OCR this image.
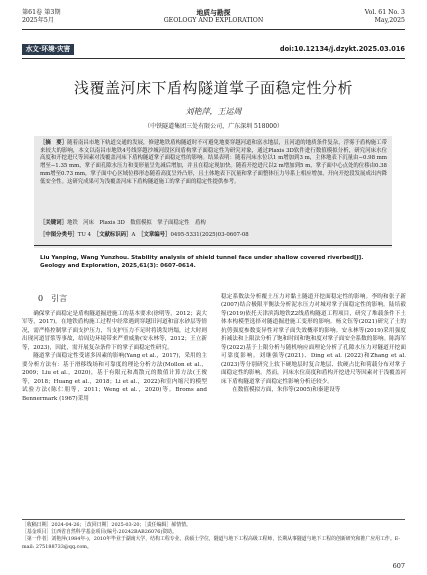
第61卷 第3期
2025年5月
地质与勘探
GEOLOGY AND EXPLORATION
Vol. 61 No. 3
May,2025
水文·环境·灾害	doi:10.12134/j.dzykt.2025.03.016
浅覆盖河床下盾构隧道掌子面稳定性分析
刘艳萍，王运周
（中铁隧道集团三处有限公司，广东深圳 518000）
［摘　要］随着南昌市地下轨道交通的发展，修建地铁盾构隧道时不可避免地要穿越河道和富水地层，且河道的地质条件复杂，浮雾于盾构施工带来较大的影响，本文以南昌市地铁4号线穿越沙城河段区间盾构掌子面稳定性为研究对象，通过Plaxis 3D软件进行数值模拟分析，研究河床水位高度和开挖进尺等因素对浅覆盖河床下盾构隧道掌子面稳定性的影响。结果表明：随着河床水位以1 m增加到3 m，主体地表下沉量由−0.98 mm增至−1.35 mm，掌子面孔隙水压力和变形量呈先减后增加，并且在稳定现加快。随着开挖进尺以2 m增加到5 m，掌子面中心点处的位移由0.38 mm增至0.73 mm，掌子面中心区域位移形态随着高度呈外凸形，且土体地表下沉量和掌子面整体压力导系上相应增加，开向开挖段发展成出内降低安全性。这研究成果可为浅覆盖河床下盾构隧道施工的掌子面的稳定性提供参考。
［关键词］地铁　河床　Plaxis 3D　数值模拟　掌子面稳定性　盾构
［中图分类号］TU 4　 ［文献标识码］A　 ［文章编号］0495-5331(2025)03-0607-08
Liu Yanping, Wang Yunzhou. Stability analysis of shield tunnel face under shallow covered riverbed[J]. Geology and Exploration, 2025,61(3): 0607-0614.
0　引言

确保掌子面稳定是盾构隧道掘进施工的基本要求(徐明等，2012；袁大军等，2017)。在地铁盾构施工过程中经常遇到穿越旧河道和富水砂层等情况，需严格控制掌子面支护压力，当支护压力不足时将诱发坍塌，过大时则出现河道冒浆等事故，给周边环境带来严重威胁(安永林等，2012；王立新等，2023)，因此，需开展复杂条件下的掌子面稳定性研究。

隧道掌子面稳定性受诸多因素的影响(Yang et al.，2017)，采用的主要分析方法有：基于滑移线场和可靠度的理论分析方法(Mollon et al.，2009；Liu et al.，2020)，基于有限元和离散元的数值计算方法(王俊等，2018；Huang et al.，2018；Li et al.，2022)和室内缩尺的模型试验方法(陈仁朋等，2011；Weng et al.，2020)等。Broms and Bennermark (1967)采用

稳定系数法分析覆土压力对黏土隧道开挖面稳定性的影响。李昀和张子新(2007)结合极限平衡法分析泥水压力对城对掌子面稳定性的影响。陆培毅等(2019)依托天津滨海地铁Z2线盾构隧道工程项目，研究了堆载条件下土体本构模型选择对隧道掘进施工变形的影响。杨文钰等(2021)研究了土的抗剪强度参数变异性对掌子面失效概率的影响。安永林等(2019)采用强度折减法和上限法分析了饱和时间和饱和度对掌子面安全系数的影响。陈海军等(2022)基于上限分析与随机响应面理论分析了孔隙水压力对隧道开挖面可靠度影响。刘继强等(2021)、Ding et al. (2022)和Zhang et al.(2023)等分别研究上软下硬地层时复合地层、软硬占比和荷载分布对掌子面稳定性的影响。然而，河床水位高度和盾构开挖进尺等因素对于浅覆盖河床下盾构隧道掌子面稳定性影响分析还较少。

在数值模拟方面，朱伟等(2005)和秦建设等

［收稿日期］2024-04-26；［改回日期］2025-03-20；［责任编辑］郝情情。
［基金项目］江西省自然科学基金项目(编号:20242BAB26076)资助。
［第一作者］刘艳萍(1984年-)，2010年毕业于湖南大学，结构工程专业，获硕士学位，隧道与地下工程高级工程师，长期从事隧道与地下工程的创新研究和推广应用工作。E-mail: 275188733@qq.com。
607
